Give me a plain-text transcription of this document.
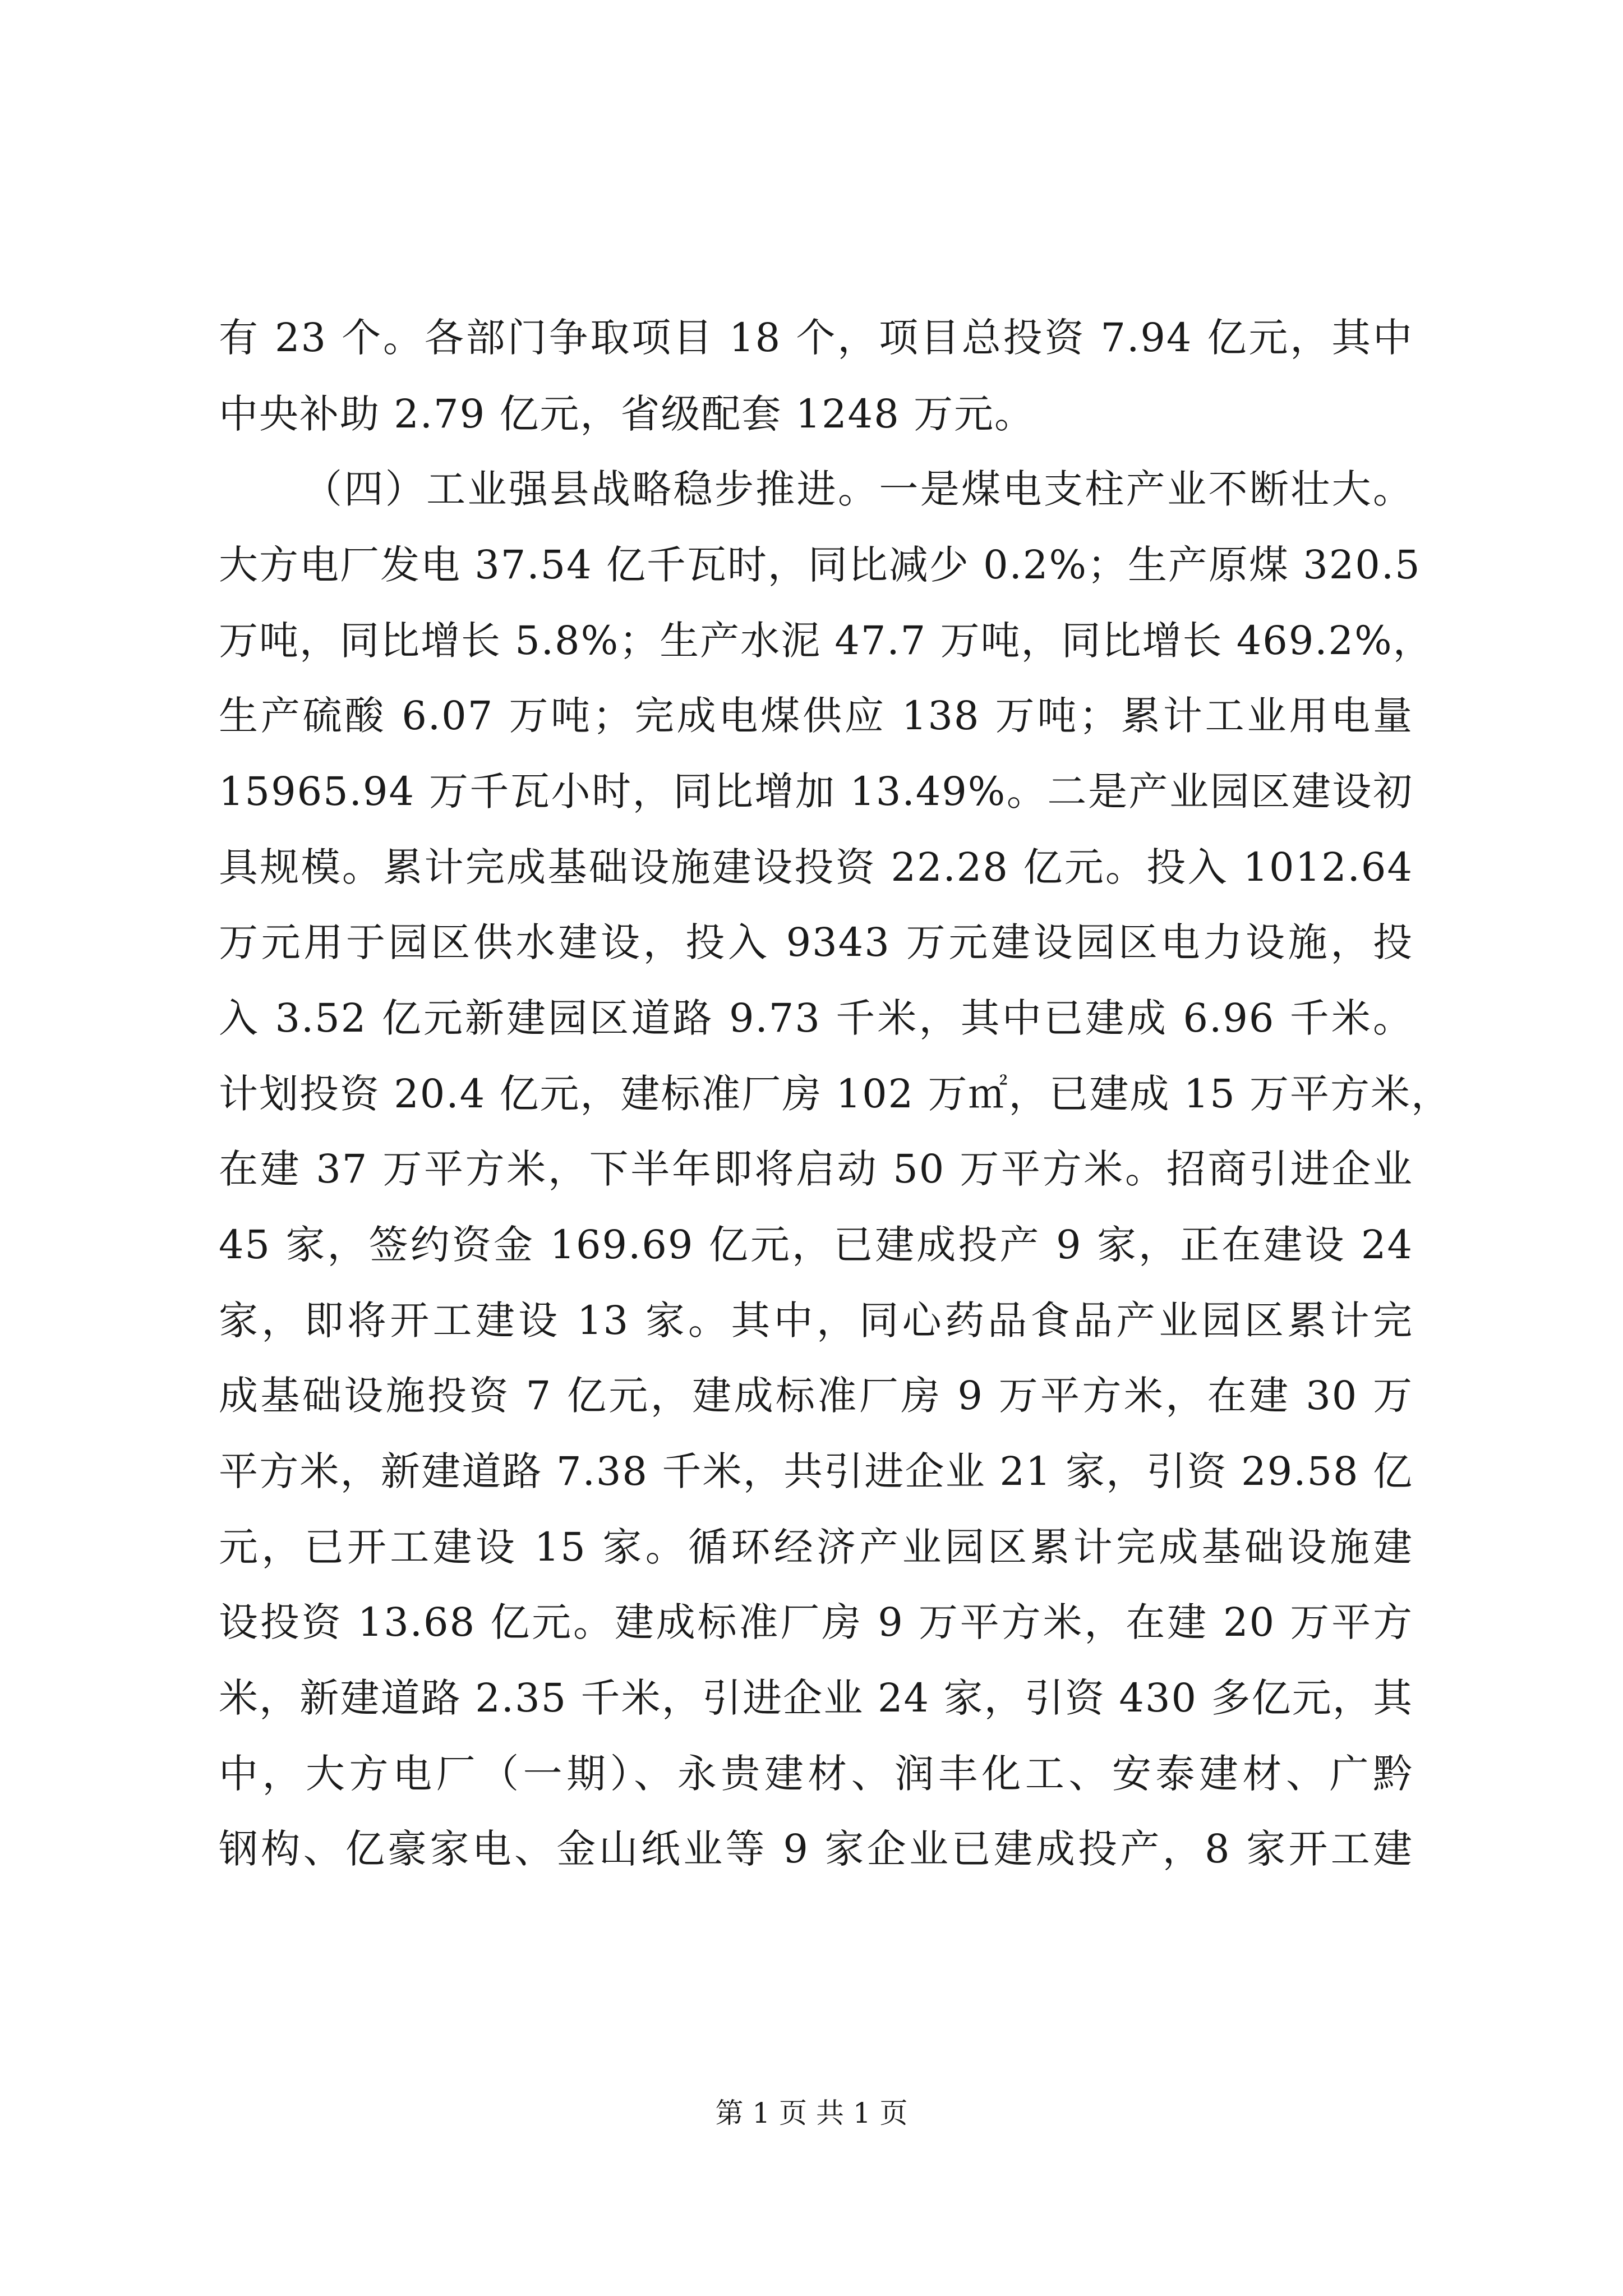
有 23 个。各部门争取项目 18 个，项目总投资 7.94 亿元，其中
中央补助 2.79 亿元，省级配套 1248 万元。
（四）工业强县战略稳步推进。一是煤电支柱产业不断壮大。
大方电厂发电 37.54 亿千瓦时，同比减少 0.2%；生产原煤 320.5
万吨，同比增长 5.8%；生产水泥 47.7 万吨，同比增长 469.2%，
生产硫酸 6.07 万吨；完成电煤供应 138 万吨；累计工业用电量
15965.94 万千瓦小时，同比增加 13.49%。二是产业园区建设初
具规模。累计完成基础设施建设投资 22.28 亿元。投入 1012.64
万元用于园区供水建设，投入 9343 万元建设园区电力设施，投
入 3.52 亿元新建园区道路 9.73 千米，其中已建成 6.96 千米。
计划投资 20.4 亿元，建标准厂房 102 万㎡，已建成 15 万平方米，
在建 37 万平方米，下半年即将启动 50 万平方米。招商引进企业
45 家，签约资金 169.69 亿元，已建成投产 9 家，正在建设 24
家，即将开工建设 13 家。其中，同心药品食品产业园区累计完
成基础设施投资 7 亿元，建成标准厂房 9 万平方米，在建 30 万
平方米，新建道路 7.38 千米，共引进企业 21 家，引资 29.58 亿
元，已开工建设 15 家。循环经济产业园区累计完成基础设施建
设投资 13.68 亿元。建成标准厂房 9 万平方米，在建 20 万平方
米，新建道路 2.35 千米，引进企业 24 家，引资 430 多亿元，其
中，大方电厂（一期）、永贵建材、润丰化工、安泰建材、广黔
钢构、亿豪家电、金山纸业等 9 家企业已建成投产，8 家开工建
第 1 页 共 1 页
